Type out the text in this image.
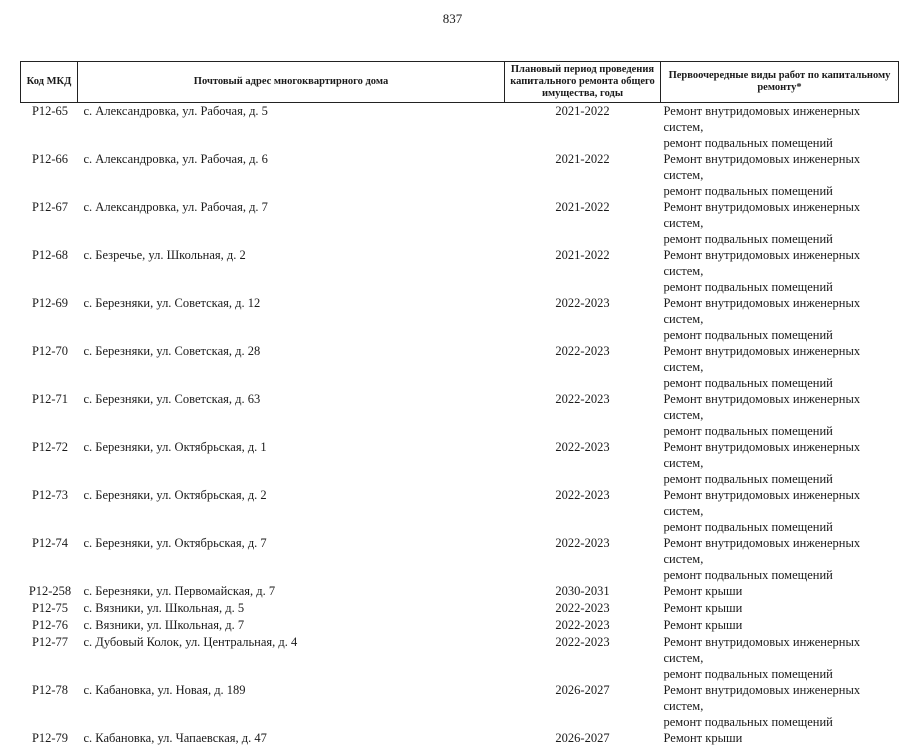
837
Код МКД	Почтовый адрес многоквартирного дома	Плановый период проведения капитального ремонта общего имущества, годы	Первоочередные виды работ по капитальному ремонту*
Р12-65	с. Александровка, ул. Рабочая, д. 5	2021-2022	Ремонт внутридомовых инженерных систем,
ремонт подвальных помещений

Р12-66	с. Александровка, ул. Рабочая, д. 6	2021-2022	Ремонт внутридомовых инженерных систем,
ремонт подвальных помещений

Р12-67	с. Александровка, ул. Рабочая, д. 7	2021-2022	Ремонт внутридомовых инженерных систем,
ремонт подвальных помещений

Р12-68	с. Безречье, ул. Школьная, д. 2	2021-2022	Ремонт внутридомовых инженерных систем,
ремонт подвальных помещений

Р12-69	с. Березняки, ул. Советская, д. 12	2022-2023	Ремонт внутридомовых инженерных систем,
ремонт подвальных помещений

Р12-70	с. Березняки, ул. Советская, д. 28	2022-2023	Ремонт внутридомовых инженерных систем,
ремонт подвальных помещений

Р12-71	с. Березняки, ул. Советская, д. 63	2022-2023	Ремонт внутридомовых инженерных систем,
ремонт подвальных помещений

Р12-72	с. Березняки, ул. Октябрьская, д. 1	2022-2023	Ремонт внутридомовых инженерных систем,
ремонт подвальных помещений

Р12-73	с. Березняки, ул. Октябрьская, д. 2	2022-2023	Ремонт внутридомовых инженерных систем,
ремонт подвальных помещений

Р12-74	с. Березняки, ул. Октябрьская, д. 7	2022-2023	Ремонт внутридомовых инженерных систем,
ремонт подвальных помещений

Р12-258	с. Березняки, ул. Первомайская, д. 7	2030-2031	Ремонт крыши

Р12-75	с. Вязники, ул. Школьная, д. 5	2022-2023	Ремонт крыши

Р12-76	с. Вязники, ул. Школьная, д. 7	2022-2023	Ремонт крыши

Р12-77	с. Дубовый Колок, ул. Центральная, д. 4	2022-2023	Ремонт внутридомовых инженерных систем,
ремонт подвальных помещений

Р12-78	с. Кабановка, ул. Новая, д. 189	2026-2027	Ремонт внутридомовых инженерных систем,
ремонт подвальных помещений

Р12-79	с. Кабановка, ул. Чапаевская, д. 47	2026-2027	Ремонт крыши
